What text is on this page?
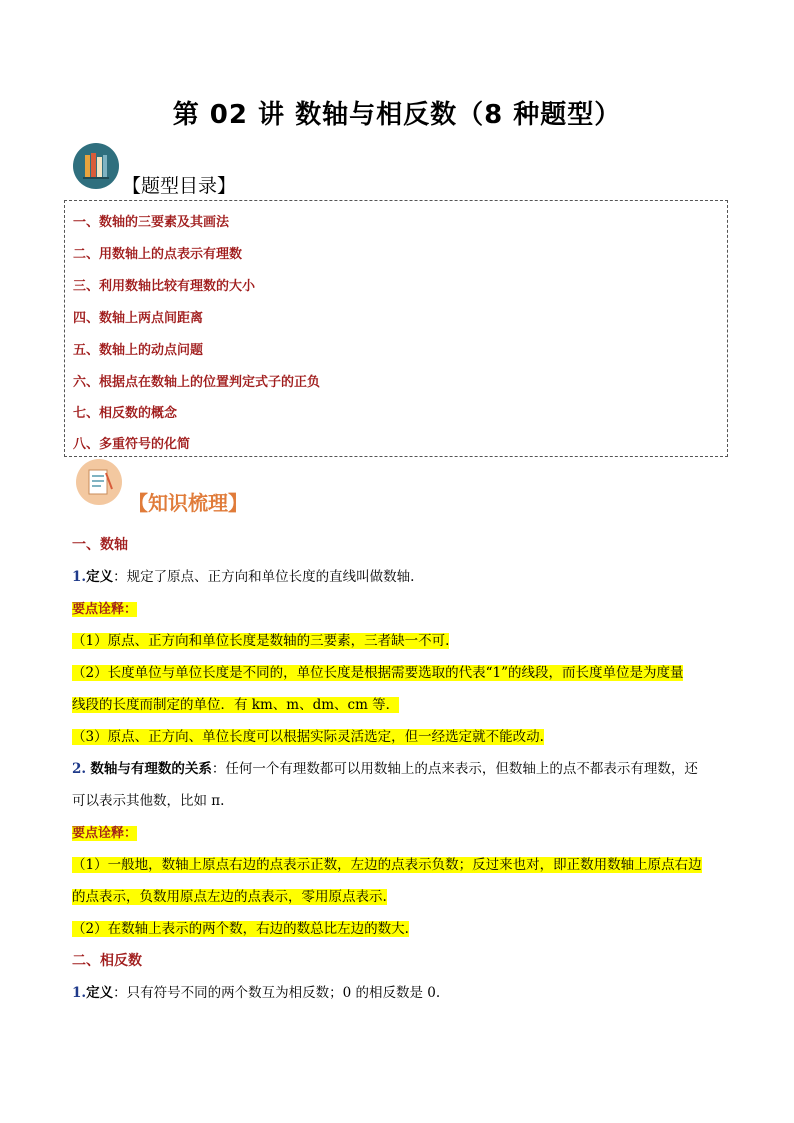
第 02 讲 数轴与相反数（8 种题型）
【题型目录】
一、数轴的三要素及其画法
二、用数轴上的点表示有理数
三、利用数轴比较有理数的大小
四、数轴上两点间距离
五、数轴上的动点问题
六、根据点在数轴上的位置判定式子的正负
七、相反数的概念
八、多重符号的化简
【知识梳理】
一、数轴
1.定义：规定了原点、正方向和单位长度的直线叫做数轴.
要点诠释：
（1）原点、正方向和单位长度是数轴的三要素，三者缺一不可.
（2）长度单位与单位长度是不同的，单位长度是根据需要选取的代表“1”的线段，而长度单位是为度量
线段的长度而制定的单位．有 km、m、dm、cm 等．
（3）原点、正方向、单位长度可以根据实际灵活选定，但一经选定就不能改动.
2. 数轴与有理数的关系：任何一个有理数都可以用数轴上的点来表示，但数轴上的点不都表示有理数，还
可以表示其他数，比如 π.
要点诠释：
（1）一般地，数轴上原点右边的点表示正数，左边的点表示负数；反过来也对，即正数用数轴上原点右边
的点表示，负数用原点左边的点表示，零用原点表示.
（2）在数轴上表示的两个数，右边的数总比左边的数大.
二、相反数
1.定义：只有符号不同的两个数互为相反数；0 的相反数是 0.
